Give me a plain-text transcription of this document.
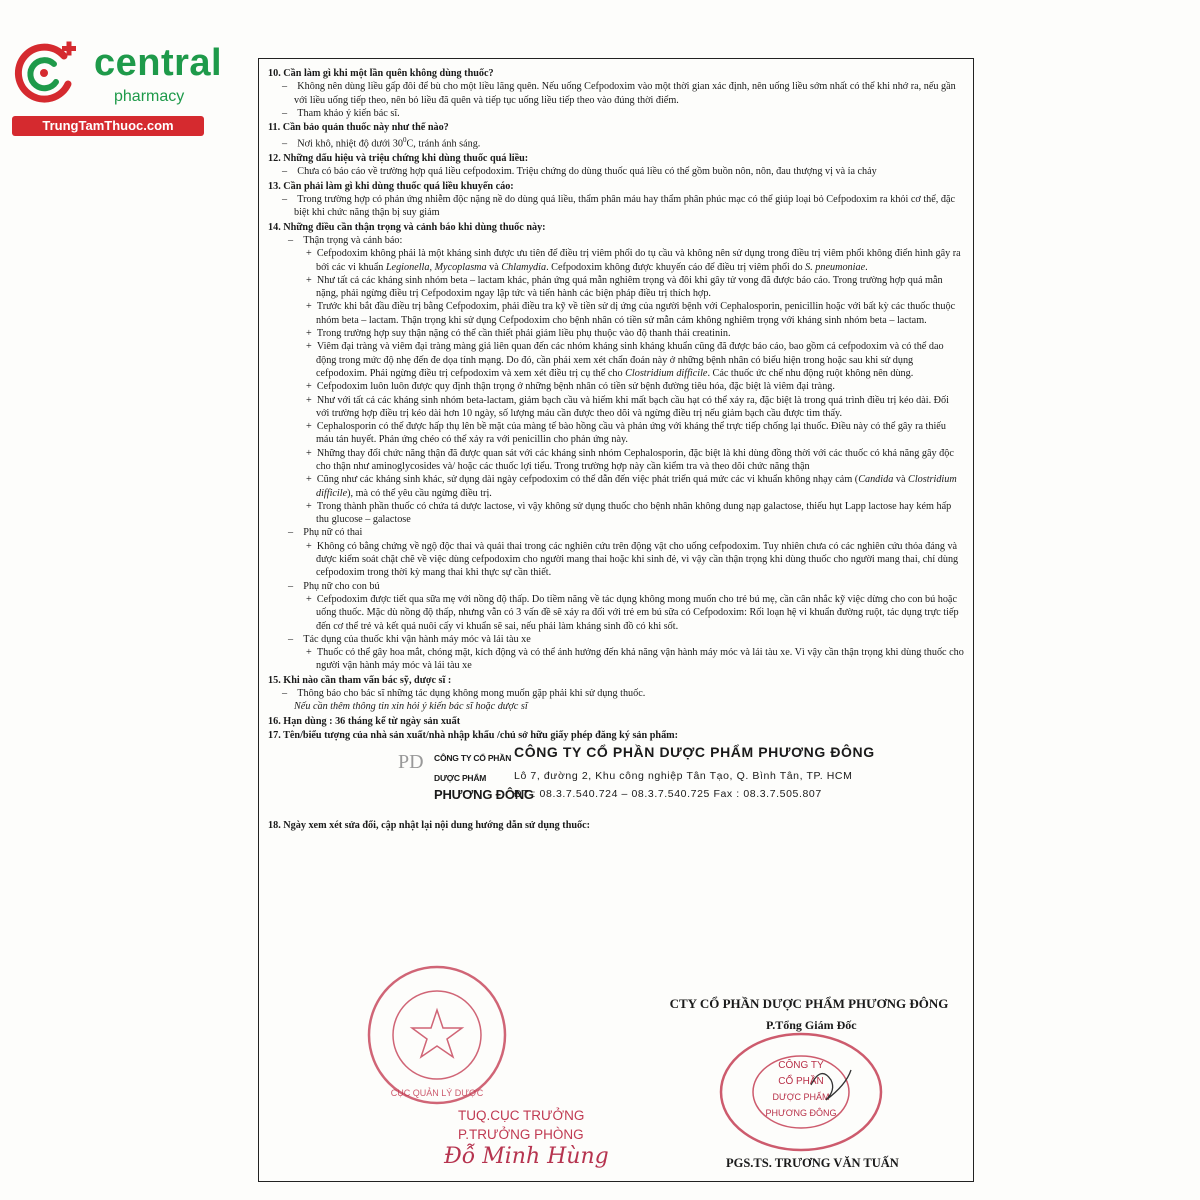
central
pharmacy
TrungTamThuoc.com
10. Cần làm gì khi một lần quên không dùng thuốc?
–    Không nên dùng liều gấp đôi để bù cho một liều lãng quên. Nếu uống Cefpodoxim vào một thời gian xác định, nên uống liều sớm nhất có thể khi nhớ ra, nếu gần với liều uống tiếp theo, nên bỏ liều đã quên và tiếp tục uống liều tiếp theo vào đúng thời điểm.
–    Tham khảo ý kiến bác sĩ.
11. Cần bảo quản thuốc này như thế nào?
–    Nơi khô, nhiệt độ dưới $30^0C$, tránh ánh sáng.
12. Những dấu hiệu và triệu chứng khi dùng thuốc quá liều:
–    Chưa có báo cáo về trường hợp quá liều cefpodoxim. Triệu chứng do dùng thuốc quá liều có thể gồm buồn nôn, nôn, đau thượng vị và ỉa chảy
13. Cần phải làm gì khi dùng thuốc quá liều khuyến cáo:
–    Trong trường hợp có phản ứng nhiễm độc nặng nề do dùng quá liều, thẩm phân máu hay thẩm phân phúc mạc có thể giúp loại bỏ Cefpodoxim ra khỏi cơ thể, đặc biệt khi chức năng thận bị suy giảm
14. Những điều cần thận trọng và cảnh báo khi dùng thuốc này:
–    Thận trọng và cảnh báo:
+  Cefpodoxim không phải là một kháng sinh được ưu tiên để điều trị viêm phổi do tụ cầu và không nên sử dụng trong điều trị viêm phổi không điển hình gây ra bởi các vi khuẩn Legionella, Mycoplasma và Chlamydia. Cefpodoxim không được khuyến cáo để điều trị viêm phổi do S. pneumoniae.
+  Như tất cả các kháng sinh nhóm beta – lactam khác, phản ứng quá mẫn nghiêm trọng và đôi khi gây tử vong đã được báo cáo. Trong trường hợp quá mẫn nặng, phải ngừng điều trị Cefpodoxim ngay lập tức và tiến hành các biện pháp điều trị thích hợp.
+  Trước khi bắt đầu điều trị bằng Cefpodoxim, phải điều tra kỹ về tiền sử dị ứng của người bệnh với Cephalosporin, penicillin hoặc với bất kỳ các thuốc thuộc nhóm beta – lactam. Thận trọng khi sử dụng Cefpodoxim cho bệnh nhân có tiền sử mẫn cảm không nghiêm trọng với kháng sinh nhóm beta – lactam.
+  Trong trường hợp suy thận nặng có thể cần thiết phải giảm liều phụ thuộc vào độ thanh thải creatinin.
+  Viêm đại tràng và viêm đại tràng màng giả liên quan đến các nhóm kháng sinh kháng khuẩn cũng đã được báo cáo, bao gồm cả cefpodoxim và có thể dao động trong mức độ nhẹ đến đe dọa tính mạng. Do đó, cần phải xem xét chẩn đoán này ở những bệnh nhân có biểu hiện trong hoặc sau khi sử dụng cefpodoxim. Phải ngừng điều trị cefpodoxim và xem xét điều trị cụ thể cho Clostridium difficile. Các thuốc ức chế nhu động ruột không nên dùng.
+  Cefpodoxim luôn luôn được quy định thận trọng ở những bệnh nhân có tiền sử bệnh đường tiêu hóa, đặc biệt là viêm đại tràng.
+  Như với tất cả các kháng sinh nhóm beta-lactam, giảm bạch cầu và hiếm khi mất bạch cầu hạt có thể xảy ra, đặc biệt là trong quá trình điều trị kéo dài. Đối với trường hợp điều trị kéo dài hơn 10 ngày, số lượng máu cần được theo dõi và ngừng điều trị nếu giảm bạch cầu được tìm thấy.
+  Cephalosporin có thể được hấp thụ lên bề mặt của màng tế bào hồng cầu và phản ứng với kháng thể trực tiếp chống lại thuốc. Điều này có thể gây ra thiếu máu tán huyết. Phản ứng chéo có thể xảy ra với penicillin cho phản ứng này.
+  Những thay đổi chức năng thận đã được quan sát với các kháng sinh nhóm Cephalosporin, đặc biệt là khi dùng đồng thời với các thuốc có khả năng gây độc cho thận như aminoglycosides và/ hoặc các thuốc lợi tiểu. Trong trường hợp này cần kiểm tra và theo dõi chức năng thận
+  Cũng như các kháng sinh khác, sử dụng dài ngày cefpodoxim có thể dẫn đến việc phát triển quá mức các vi khuẩn không nhạy cảm (Candida và Clostridium difficile), mà có thể yêu cầu ngừng điều trị.
+  Trong thành phần thuốc có chứa tá dược lactose, vì vậy không sử dụng thuốc cho bệnh nhân không dung nạp galactose, thiếu hụt Lapp lactose hay kém hấp thu glucose – galactose
–    Phụ nữ có thai
+  Không có bằng chứng về ngộ độc thai và quái thai trong các nghiên cứu trên động vật cho uống cefpodoxim. Tuy nhiên chưa có các nghiên cứu thỏa đáng và được kiểm soát chặt chẽ về việc dùng cefpodoxim cho người mang thai hoặc khi sinh đẻ, vì vậy cần thận trọng khi dùng thuốc cho người mang thai, chỉ dùng cefpodoxim trong thời kỳ mang thai khi thực sự cần thiết.
–    Phụ nữ cho con bú
+  Cefpodoxim được tiết qua sữa mẹ với nồng độ thấp. Do tiềm năng về tác dụng không mong muốn cho trẻ bú mẹ, cần cân nhắc kỹ việc dừng cho con bú hoặc uống thuốc. Mặc dù nồng độ thấp, nhưng vẫn có 3 vấn đề sẽ xảy ra đối với trẻ em bú sữa có Cefpodoxim: Rối loạn hệ vi khuẩn đường ruột, tác dụng trực tiếp đến cơ thể trẻ và kết quả nuôi cấy vi khuẩn sẽ sai, nếu phải làm kháng sinh đồ có khi sốt.
–    Tác dụng của thuốc khi vận hành máy móc và lái tàu xe
+  Thuốc có thể gây hoa mắt, chóng mặt, kích động và có thể ảnh hưởng đến khả năng vận hành máy móc và lái tàu xe. Vì vậy cần thận trọng khi dùng thuốc cho người vận hành máy móc và lái tàu xe
15. Khi nào cần tham vấn bác sỹ, dược sĩ :
–    Thông báo cho bác sĩ những tác dụng không mong muốn gặp phải khi sử dụng thuốc.
Nếu cần thêm thông tin xin hỏi ý kiến bác sĩ hoặc dược sĩ
16. Hạn dùng : 36 tháng kể từ ngày sản xuất
17. Tên/biểu tượng của nhà sản xuất/nhà nhập khẩu /chủ sở hữu giấy phép đăng ký sản phẩm:
PD CÔNG TY CỔ PHẦN
DƯỢC PHẨM
PHƯƠNG ĐÔNG
CÔNG TY CỔ PHẦN DƯỢC PHẨM PHƯƠNG ĐÔNG
Lô 7, đường 2, Khu công nghiệp Tân Tạo, Q. Bình Tân, TP. HCM
ĐT : 08.3.7.540.724 – 08.3.7.540.725 Fax : 08.3.7.505.807
18. Ngày xem xét sửa đổi, cập nhật lại nội dung hướng dẫn sử dụng thuốc:
CTY CỔ PHẦN DƯỢC PHẨM PHƯƠNG ĐÔNG
P.Tổng Giám Đốc
CÔNG TY
CỔ PHẦN
DƯỢC PHẨM
PHƯƠNG ĐÔNG
PGS.TS. TRƯƠNG VĂN TUẤN
CỤC QUẢN LÝ DƯỢC
TUQ.CỤC TRƯỞNG
P.TRƯỞNG PHÒNG
Đỗ Minh Hùng
